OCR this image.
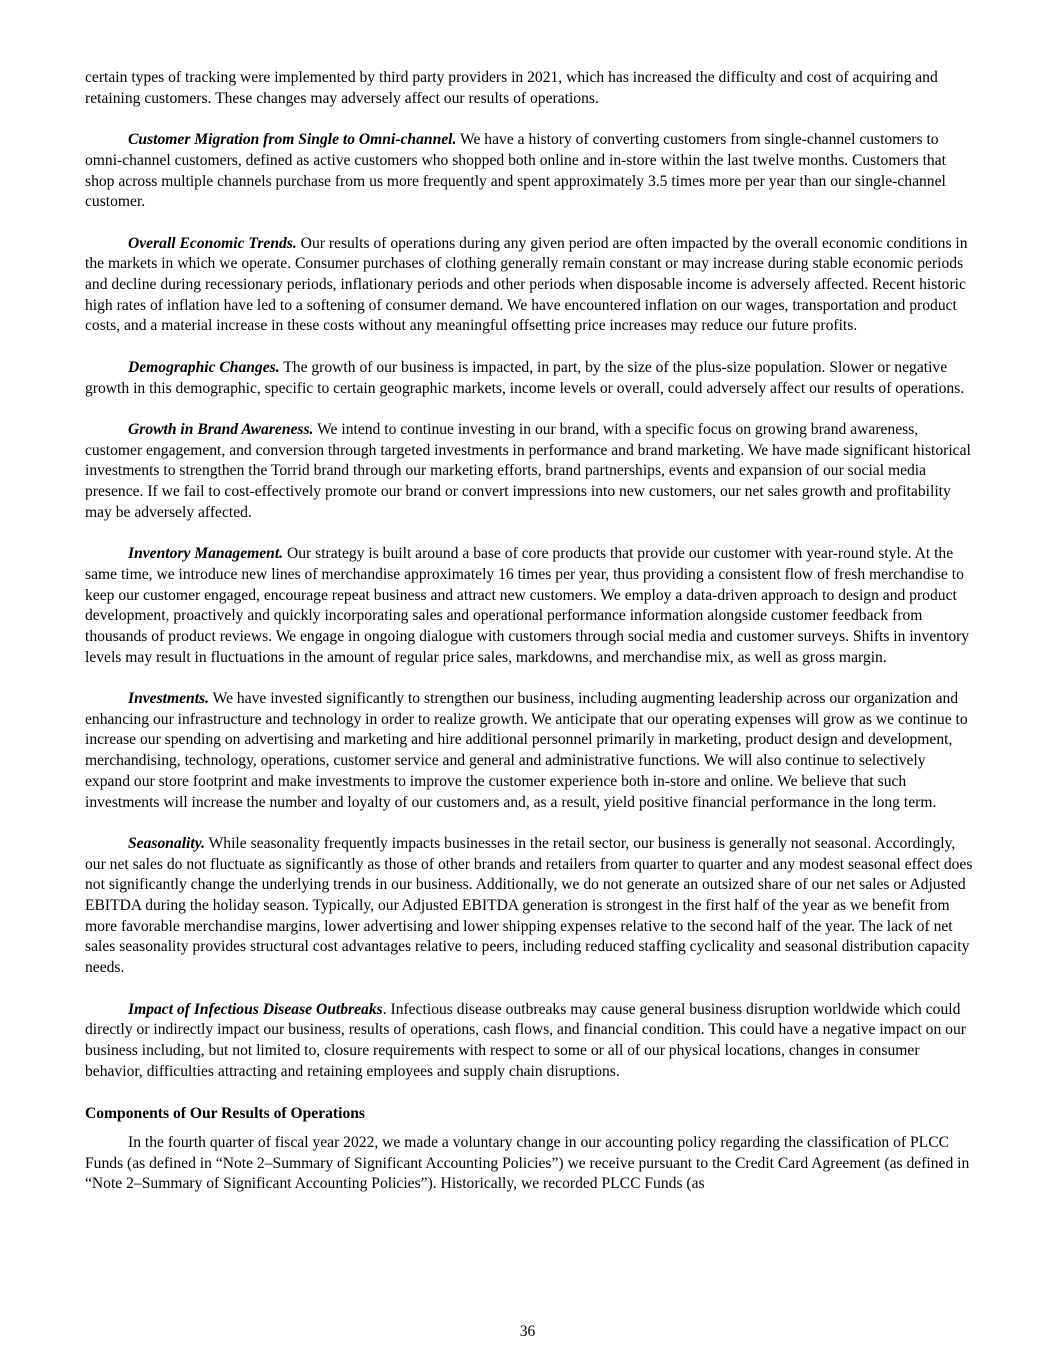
certain types of tracking were implemented by third party providers in 2021, which has increased the difficulty and cost of acquiring and retaining customers. These changes may adversely affect our results of operations.

Customer Migration from Single to Omni-channel. We have a history of converting customers from single-channel customers to omni-channel customers, defined as active customers who shopped both online and in-store within the last twelve months. Customers that shop across multiple channels purchase from us more frequently and spent approximately 3.5 times more per year than our single-channel customer.

Overall Economic Trends. Our results of operations during any given period are often impacted by the overall economic conditions in the markets in which we operate. Consumer purchases of clothing generally remain constant or may increase during stable economic periods and decline during recessionary periods, inflationary periods and other periods when disposable income is adversely affected. Recent historic high rates of inflation have led to a softening of consumer demand. We have encountered inflation on our wages, transportation and product costs, and a material increase in these costs without any meaningful offsetting price increases may reduce our future profits.

Demographic Changes. The growth of our business is impacted, in part, by the size of the plus-size population. Slower or negative growth in this demographic, specific to certain geographic markets, income levels or overall, could adversely affect our results of operations.

Growth in Brand Awareness. We intend to continue investing in our brand, with a specific focus on growing brand awareness, customer engagement, and conversion through targeted investments in performance and brand marketing. We have made significant historical investments to strengthen the Torrid brand through our marketing efforts, brand partnerships, events and expansion of our social media presence. If we fail to cost-effectively promote our brand or convert impressions into new customers, our net sales growth and profitability may be adversely affected.

Inventory Management. Our strategy is built around a base of core products that provide our customer with year-round style. At the same time, we introduce new lines of merchandise approximately 16 times per year, thus providing a consistent flow of fresh merchandise to keep our customer engaged, encourage repeat business and attract new customers. We employ a data-driven approach to design and product development, proactively and quickly incorporating sales and operational performance information alongside customer feedback from thousands of product reviews. We engage in ongoing dialogue with customers through social media and customer surveys. Shifts in inventory levels may result in fluctuations in the amount of regular price sales, markdowns, and merchandise mix, as well as gross margin.

Investments. We have invested significantly to strengthen our business, including augmenting leadership across our organization and enhancing our infrastructure and technology in order to realize growth. We anticipate that our operating expenses will grow as we continue to increase our spending on advertising and marketing and hire additional personnel primarily in marketing, product design and development, merchandising, technology, operations, customer service and general and administrative functions. We will also continue to selectively expand our store footprint and make investments to improve the customer experience both in-store and online. We believe that such investments will increase the number and loyalty of our customers and, as a result, yield positive financial performance in the long term.

Seasonality. While seasonality frequently impacts businesses in the retail sector, our business is generally not seasonal. Accordingly, our net sales do not fluctuate as significantly as those of other brands and retailers from quarter to quarter and any modest seasonal effect does not significantly change the underlying trends in our business. Additionally, we do not generate an outsized share of our net sales or Adjusted EBITDA during the holiday season. Typically, our Adjusted EBITDA generation is strongest in the first half of the year as we benefit from more favorable merchandise margins, lower advertising and lower shipping expenses relative to the second half of the year. The lack of net sales seasonality provides structural cost advantages relative to peers, including reduced staffing cyclicality and seasonal distribution capacity needs.

Impact of Infectious Disease Outbreaks. Infectious disease outbreaks may cause general business disruption worldwide which could directly or indirectly impact our business, results of operations, cash flows, and financial condition. This could have a negative impact on our business including, but not limited to, closure requirements with respect to some or all of our physical locations, changes in consumer behavior, difficulties attracting and retaining employees and supply chain disruptions.

Components of Our Results of Operations

In the fourth quarter of fiscal year 2022, we made a voluntary change in our accounting policy regarding the classification of PLCC Funds (as defined in “Note 2–Summary of Significant Accounting Policies”) we receive pursuant to the Credit Card Agreement (as defined in “Note 2–Summary of Significant Accounting Policies”). Historically, we recorded PLCC Funds (as

36
